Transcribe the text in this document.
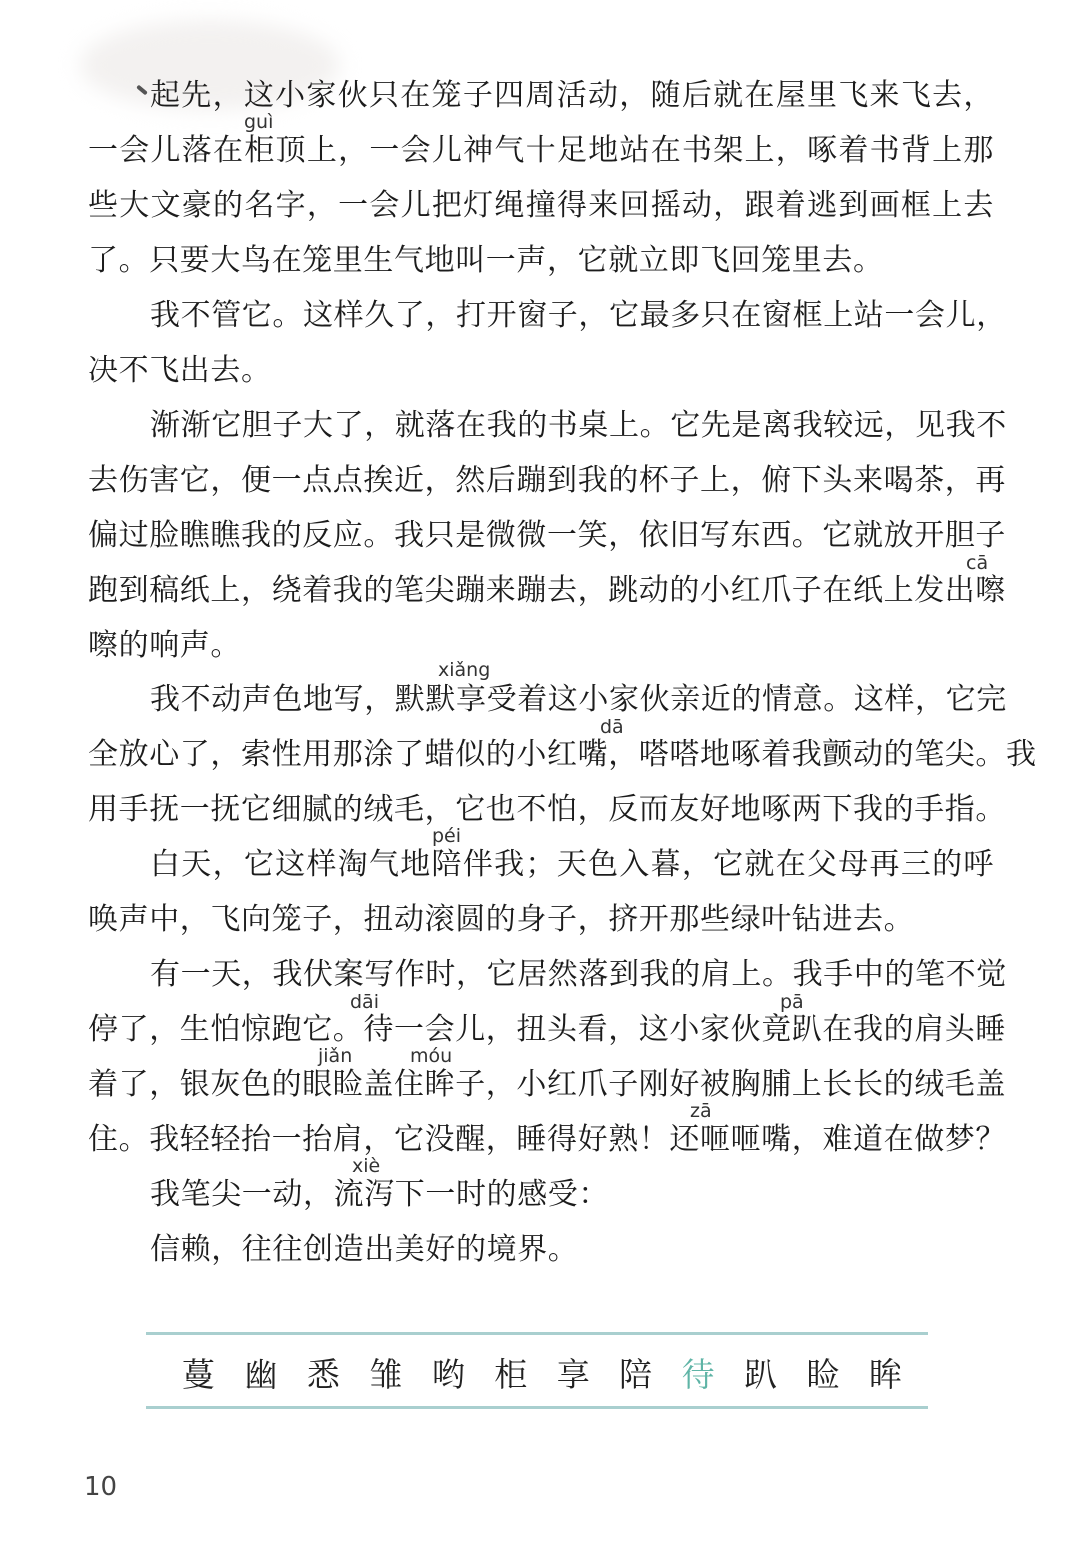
起先，这小家伙只在笼子四周活动，随后就在屋里飞来飞去，
guì
一会儿落在柜顶上，一会儿神气十足地站在书架上，啄着书背上那
些大文豪的名字，一会儿把灯绳撞得来回摇动，跟着逃到画框上去
了。只要大鸟在笼里生气地叫一声，它就立即飞回笼里去。
我不管它。这样久了，打开窗子，它最多只在窗框上站一会儿，
决不飞出去。
渐渐它胆子大了，就落在我的书桌上。它先是离我较远，见我不
去伤害它，便一点点挨近，然后蹦到我的杯子上，俯下头来喝茶，再
偏过脸瞧瞧我的反应。我只是微微一笑，依旧写东西。它就放开胆子
cā
跑到稿纸上，绕着我的笔尖蹦来蹦去，跳动的小红爪子在纸上发出嚓
嚓的响声。
xiǎng
我不动声色地写，默默享受着这小家伙亲近的情意。这样，它完
dā
全放心了，索性用那涂了蜡似的小红嘴，嗒嗒地啄着我颤动的笔尖。我
用手抚一抚它细腻的绒毛，它也不怕，反而友好地啄两下我的手指。
péi
白天，它这样淘气地陪伴我；天色入暮，它就在父母再三的呼
唤声中，飞向笼子，扭动滚圆的身子，挤开那些绿叶钻进去。
有一天，我伏案写作时，它居然落到我的肩上。我手中的笔不觉
dāi	pā
停了，生怕惊跑它。待一会儿，扭头看，这小家伙竟趴在我的肩头睡
jiǎn	móu
着了，银灰色的眼睑盖住眸子，小红爪子刚好被胸脯上长长的绒毛盖
zā
住。我轻轻抬一抬肩，它没醒，睡得好熟！还咂咂嘴，难道在做梦？
xiè
我笔尖一动，流泻下一时的感受：
信赖，往往创造出美好的境界。
蔓 幽 悉 雏 哟 柜 享 陪 待 趴 睑 眸
10
